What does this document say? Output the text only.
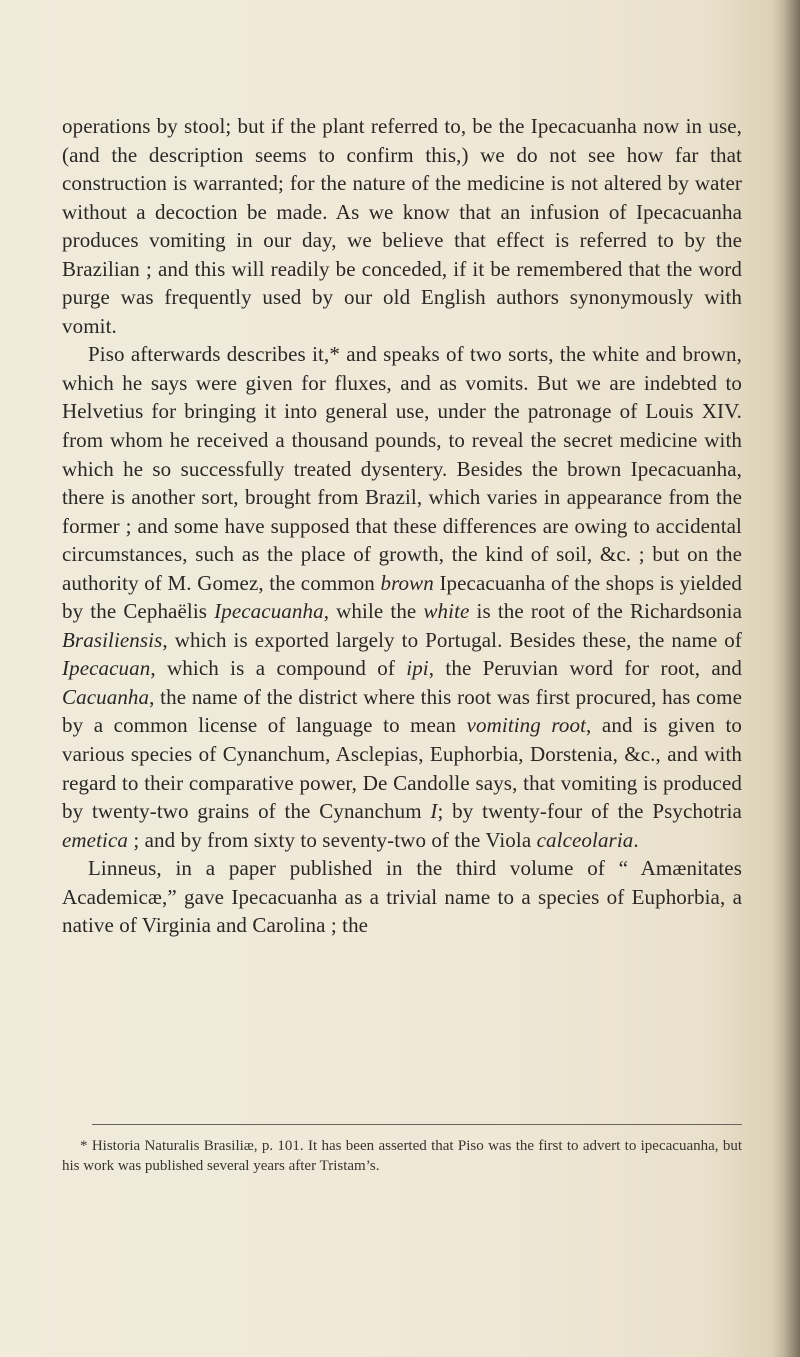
operations by stool; but if the plant referred to, be the Ipecacuanha now in use, (and the description seems to confirm this,) we do not see how far that construction is warranted; for the nature of the medicine is not altered by water without a decoction be made. As we know that an infusion of Ipecacuanha produces vomiting in our day, we believe that effect is referred to by the Brazilian ; and this will readily be conceded, if it be remembered that the word purge was frequently used by our old English authors synonymously with vomit.

Piso afterwards describes it,* and speaks of two sorts, the white and brown, which he says were given for fluxes, and as vomits. But we are indebted to Helvetius for bringing it into general use, under the patronage of Louis XIV. from whom he received a thousand pounds, to reveal the secret medicine with which he so successfully treated dysentery. Besides the brown Ipecacuanha, there is another sort, brought from Brazil, which varies in appearance from the former ; and some have supposed that these differences are owing to accidental circumstances, such as the place of growth, the kind of soil, &c. ; but on the authority of M. Gomez, the common brown Ipecacuanha of the shops is yielded by the Cephaëlis Ipecacuanha, while the white is the root of the Richardsonia Brasiliensis, which is exported largely to Portugal. Besides these, the name of Ipecacuan, which is a compound of ipi, the Peruvian word for root, and Cacuanha, the name of the district where this root was first procured, has come by a common license of language to mean vomiting root, and is given to various species of Cynanchum, Asclepias, Euphorbia, Dorstenia, &c., and with regard to their comparative power, De Candolle says, that vomiting is produced by twenty-two grains of the Cynanchum I; by twenty-four of the Psychotria emetica ; and by from sixty to seventy-two of the Viola calceolaria.

Linneus, in a paper published in the third volume of “ Amænitates Academicæ,” gave Ipecacuanha as a trivial name to a species of Euphorbia, a native of Virginia and Carolina ; the

* Historia Naturalis Brasiliæ, p. 101. It has been asserted that Piso was the first to advert to ipecacuanha, but his work was published several years after Tristam’s.
